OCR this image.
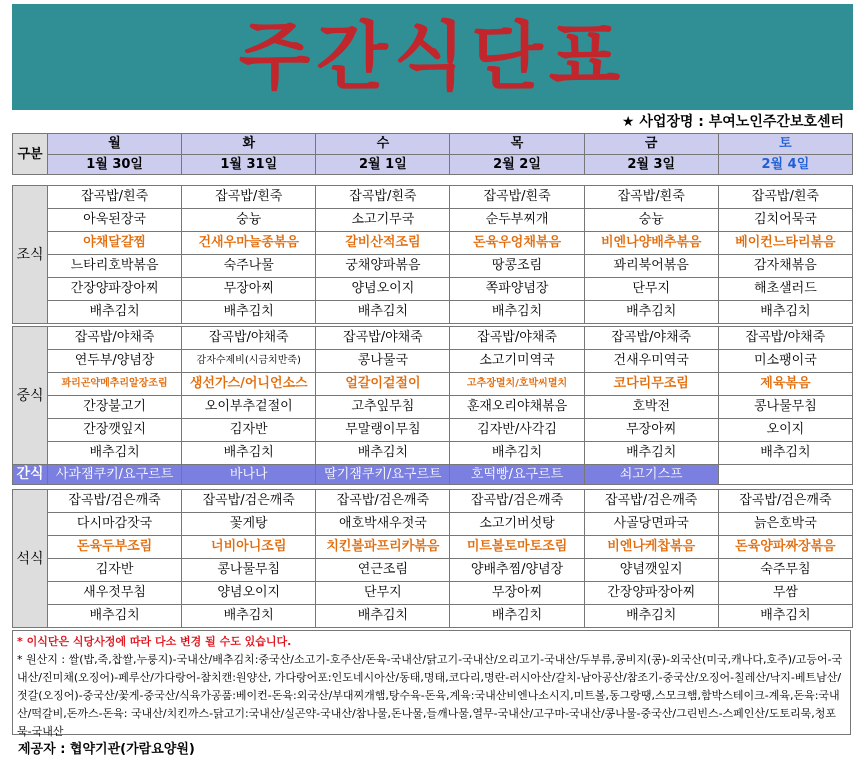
주간식단표
★ 사업장명 : 부여노인주간보호센터
구분	월	화	수	목	금	토
	1월 30일	1월 31일	2월 1일	2월 2일	2월 3일	2월 4일
조식	잡곡밥/흰죽	잡곡밥/흰죽	잡곡밥/흰죽	잡곡밥/흰죽	잡곡밥/흰죽	잡곡밥/흰죽
	아욱된장국	숭늉	소고기무국	순두부찌개	숭늉	김치어묵국
	야채달걀찜	건새우마늘종볶음	갈비산적조림	돈육우엉채볶음	비엔나양배추볶음	베이컨느타리볶음
	느타리호박볶음	숙주나물	궁채양파볶음	땅콩조림	꽈리북어볶음	감자채볶음
	간장양파장아찌	무장아찌	양념오이지	쪽파양념장	단무지	해초샐러드
	배추김치	배추김치	배추김치	배추김치	배추김치	배추김치
중식	잡곡밥/야채죽	잡곡밥/야채죽	잡곡밥/야채죽	잡곡밥/야채죽	잡곡밥/야채죽	잡곡밥/야채죽
	연두부/양념장	감자수제비(시금치반죽)	콩나물국	소고기미역국	건새우미역국	미소팽이국
	꽈리곤약메추리알장조림	생선가스/어니언소스	얼갈이겉절이	고추장멸치/호박씨멸치	코다리무조림	제육볶음
	간장불고기	오이부추겉절이	고추잎무침	훈재오리야채볶음	호박전	콩나물무침
	간장깻잎지	김자반	무말랭이무침	김자반/사각김	무장아찌	오이지
	배추김치	배추김치	배추김치	배추김치	배추김치	배추김치
간식	사과잼쿠키/요구르트	바나나	딸기잼쿠키/요구르트	호떡빵/요구르트	쇠고기스프	
석식	잡곡밥/검은깨죽	잡곡밥/검은깨죽	잡곡밥/검은깨죽	잡곡밥/검은깨죽	잡곡밥/검은깨죽	잡곡밥/검은깨죽
	다시마감잣국	꽃게탕	애호박새우젓국	소고기버섯탕	사골당면파국	늙은호박국
	돈육두부조림	너비아니조림	치킨볼파프리카볶음	미트볼토마토조림	비엔나케찹볶음	돈육양파짜장볶음
	김자반	콩나물무침	연근조림	양배추찜/양념장	양념깻잎지	숙주무침
	새우젓무침	양념오이지	단무지	무장아찌	간장양파장아찌	무쌈
	배추김치	배추김치	배추김치	배추김치	배추김치	배추김치
* 이식단은 식당사정에 따라 다소 변경 될 수도 있습니다.
* 원산지 : 쌀(밥,죽,찹쌀,누룽지)-국내산/배추김치:중국산/소고기-호주산/돈육-국내산/닭고기-국내산/오리고기-국내산/두부류,콩비지(콩)-외국산(미국,캐나다,호주)/고등어-국내산/진미채(오징어)-페루산/가다랑어-참치캔:원양산, 가다랑어포:인도네시아산/동태,명태,코다리,명란-러시아산/갈치-남아공산/참조기-중국산/오징어-칠레산/낙지-베트남산/젓갈(오징어)-중국산/꽃게-중국산/식육가공품:베이컨-돈육:외국산/부대찌개햄,탕수육-돈육,계육:국내산비엔나소시지,미트볼,동그랑땡,스모크햄,함박스테이크-계육,돈육:국내산/떡갈비,돈까스-돈육: 국내산/치킨까스-닭고기:국내산/실곤약-국내산/참나물,돈나물,들깨나물,열무-국내산/고구마-국내산/콩나물-중국산/그린빈스-스페인산/도토리묵,청포묵-국내산
제공자 : 협약기관(가람요양원)
